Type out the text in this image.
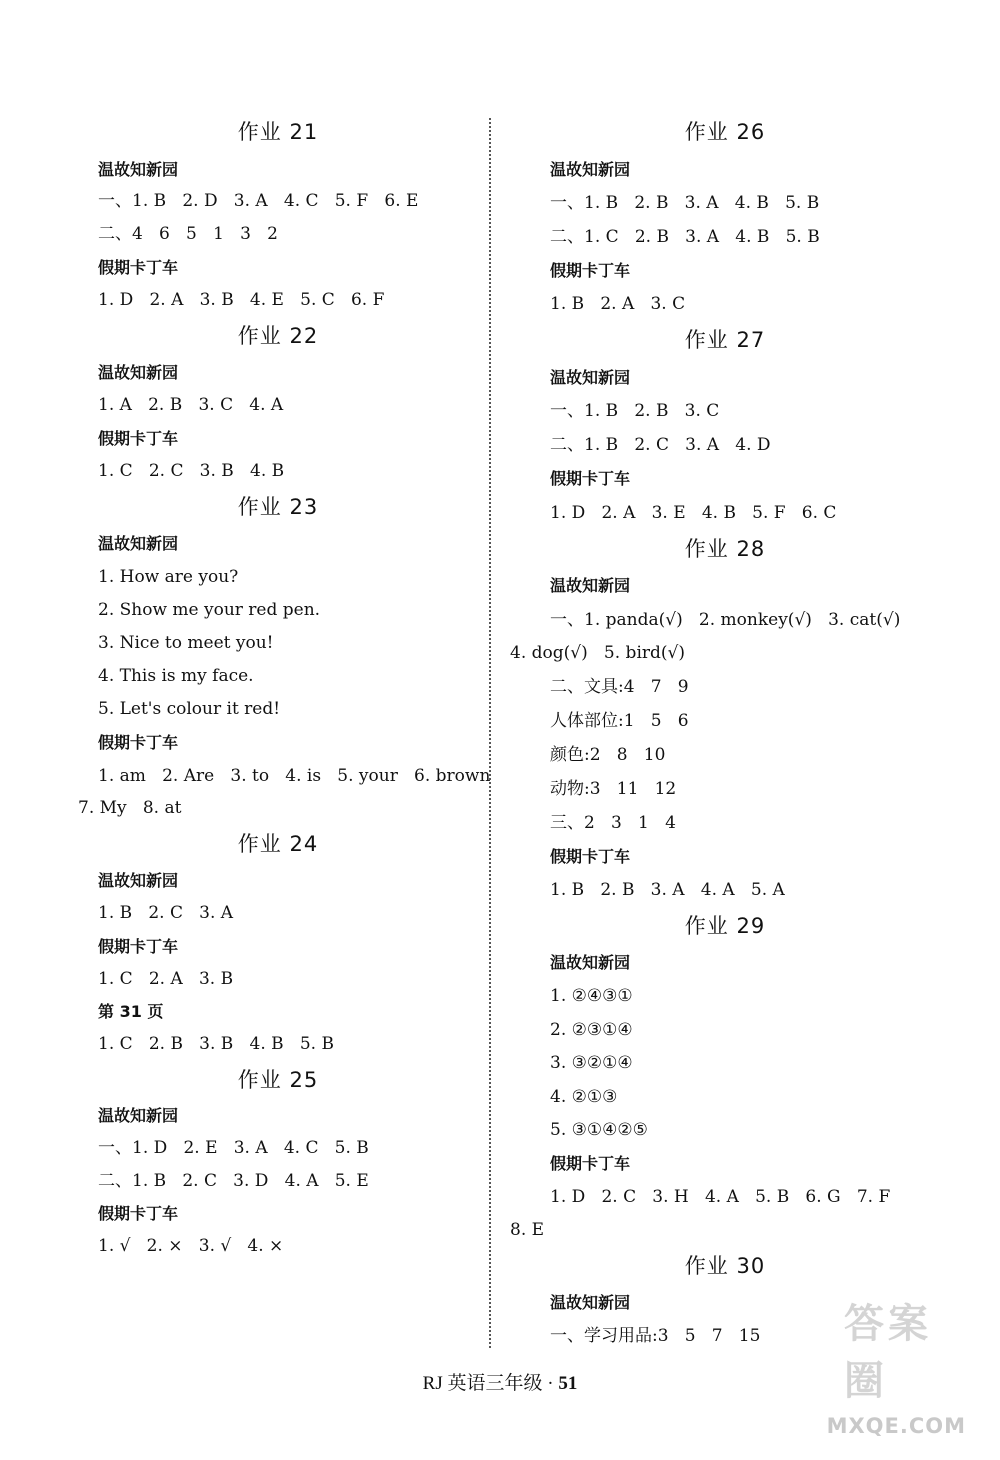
作业 21
温故知新园
一、1. B   2. D   3. A   4. C   5. F   6. E
二、4   6   5   1   3   2
假期卡丁车
1. D   2. A   3. B   4. E   5. C   6. F
作业 22
温故知新园
1. A   2. B   3. C   4. A
假期卡丁车
1. C   2. C   3. B   4. B
作业 23
温故知新园
1. How are you?
2. Show me your red pen.
3. Nice to meet you!
4. This is my face.
5. Let's colour it red!
假期卡丁车
1. am   2. Are   3. to   4. is   5. your   6. brown
7. My   8. at
作业 24
温故知新园
1. B   2. C   3. A
假期卡丁车
1. C   2. A   3. B
第 31 页
1. C   2. B   3. B   4. B   5. B
作业 25
温故知新园
一、1. D   2. E   3. A   4. C   5. B
二、1. B   2. C   3. D   4. A   5. E
假期卡丁车
1. √   2. ×   3. √   4. ×
作业 26
温故知新园
一、1. B   2. B   3. A   4. B   5. B
二、1. C   2. B   3. A   4. B   5. B
假期卡丁车
1. B   2. A   3. C
作业 27
温故知新园
一、1. B   2. B   3. C
二、1. B   2. C   3. A   4. D
假期卡丁车
1. D   2. A   3. E   4. B   5. F   6. C
作业 28
温故知新园
一、1. panda(√)   2. monkey(√)   3. cat(√)
4. dog(√)   5. bird(√)
二、文具:4   7   9
人体部位:1   5   6
颜色:2   8   10
动物:3   11   12
三、2   3   1   4
假期卡丁车
1. B   2. B   3. A   4. A   5. A
作业 29
温故知新园
1. ②④③①
2. ②③①④
3. ③②①④
4. ②①③
5. ③①④②⑤
假期卡丁车
1. D   2. C   3. H   4. A   5. B   6. G   7. F
8. E
作业 30
温故知新园
一、学习用品:3   5   7   15
RJ 英语三年级 · 51
答案圈
MXQE.COM
